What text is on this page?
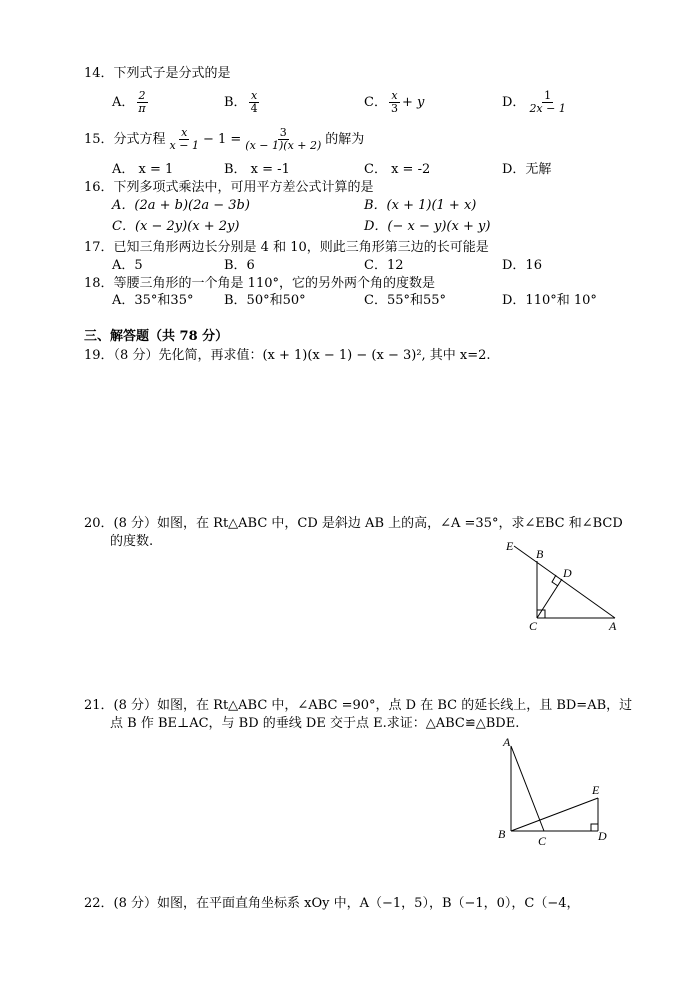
14．下列式子是分式的是
A． $\frac{2}{\pi}$	B． $\frac{x}{4}$	C． $\frac{x}{3} + y$	D． $\frac{1}{2x - 1}$
15．分式方程 $\frac{x}{x - 1} - 1 = \frac{3}{(x - 1)(x + 2)}$ 的解为
A． x = 1	B． x = -1	C． x = -2	D．无解
16．下列多项式乘法中，可用平方差公式计算的是
A．(2a + b)(2a − 3b)	B．(x + 1)(1 + x)
C．(x − 2y)(x + 2y)	D．(− x − y)(x + y)
17．已知三角形两边长分别是 4 和 10，则此三角形第三边的长可能是
A．5	B．6	C．12	D．16
18．等腰三角形的一个角是 110°，它的另外两个角的度数是
A．35°和35° B．50°和50°	C．55°和55°	D．110°和 10°
三、解答题（共 78 分）
19．（8 分）先化简，再求值：(x + 1)(x − 1) − (x − 3)², 其中 x=2.
20．(8 分）如图，在 Rt△ABC 中，CD 是斜边 AB 上的高，∠A =35°，求∠EBC 和∠BCD
的度数.	E
B
D
C	A
21．(8 分）如图，在 Rt△ABC 中，∠ABC =90°，点 D 在 BC 的延长线上，且 BD=AB，过
点 B 作 BE⊥AC，与 BD 的垂线 DE 交于点 E.求证：△ABC≌△BDE.
A
E
B	C	D
22．(8 分）如图，在平面直角坐标系 xOy 中，A（−1，5），B（−1，0），C（−4，
